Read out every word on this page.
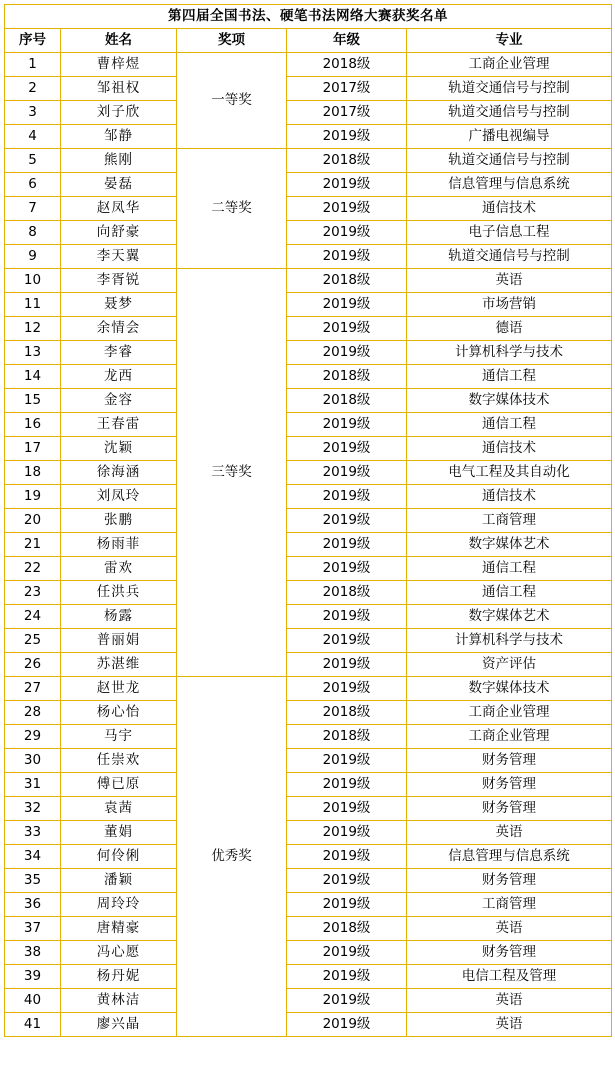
第四届全国书法、硬笔书法网络大赛获奖名单				
序号	姓名	奖项	年级	专业
1	曹梓煜	一等奖	2018级	工商企业管理
2	邹祖权		2017级	轨道交通信号与控制
3	刘子欣		2017级	轨道交通信号与控制
4	邹静		2019级	广播电视编导
5	熊刚	二等奖	2018级	轨道交通信号与控制
6	晏磊		2019级	信息管理与信息系统
7	赵凤华		2019级	通信技术
8	向舒豪		2019级	电子信息工程
9	李天翼		2019级	轨道交通信号与控制
10	李胥锐	三等奖	2018级	英语
11	聂梦		2019级	市场营销
12	余情会		2019级	德语
13	李睿		2019级	计算机科学与技术
14	龙西		2018级	通信工程
15	金容		2018级	数字媒体技术
16	王春雷		2019级	通信工程
17	沈颖		2019级	通信技术
18	徐海涵		2019级	电气工程及其自动化
19	刘凤玲		2019级	通信技术
20	张鹏		2019级	工商管理
21	杨雨菲		2019级	数字媒体艺术
22	雷欢		2019级	通信工程
23	任洪兵		2018级	通信工程
24	杨露		2019级	数字媒体艺术
25	普丽娟		2019级	计算机科学与技术
26	苏湛维		2019级	资产评估
27	赵世龙	优秀奖	2019级	数字媒体技术
28	杨心怡		2018级	工商企业管理
29	马宇		2018级	工商企业管理
30	任崇欢		2019级	财务管理
31	傅已原		2019级	财务管理
32	袁茜		2019级	财务管理
33	董娟		2019级	英语
34	何伶俐		2019级	信息管理与信息系统
35	潘颖		2019级	财务管理
36	周玲玲		2019级	工商管理
37	唐精豪		2018级	英语
38	冯心愿		2019级	财务管理
39	杨丹妮		2019级	电信工程及管理
40	黄林洁		2019级	英语
41	廖兴晶		2019级	英语
